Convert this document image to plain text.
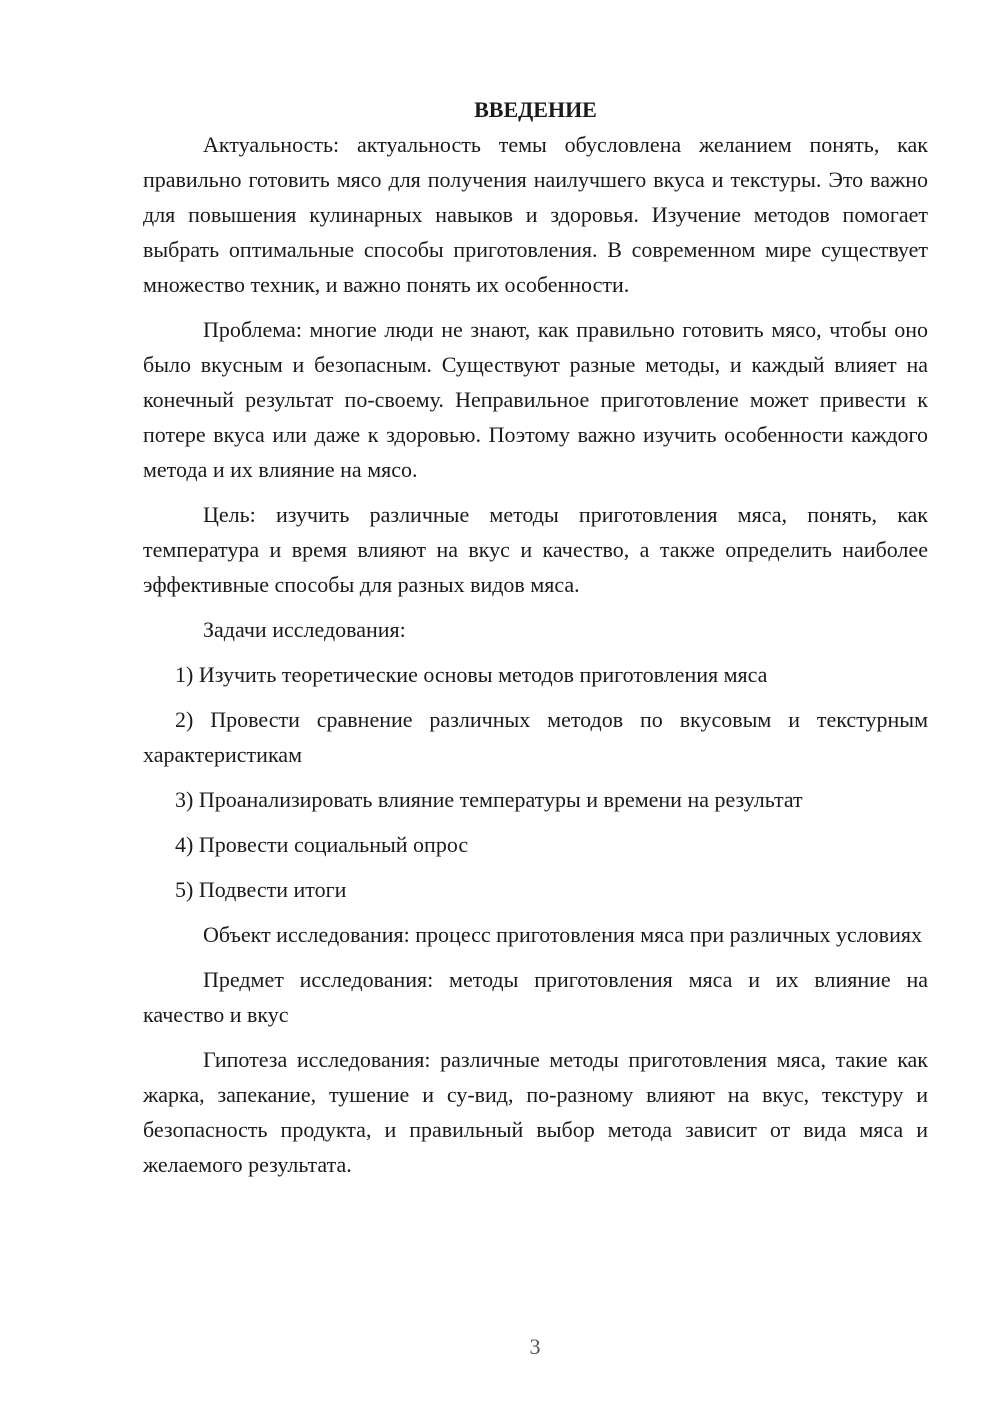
ВВЕДЕНИЕ

Актуальность: актуальность темы обусловлена желанием понять, как правильно готовить мясо для получения наилучшего вкуса и текстуры. Это важно для повышения кулинарных навыков и здоровья. Изучение методов помогает выбрать оптимальные способы приготовления. В современном мире существует множество техник, и важно понять их особенности.

Проблема: многие люди не знают, как правильно готовить мясо, чтобы оно было вкусным и безопасным. Существуют разные методы, и каждый влияет на конечный результат по-своему. Неправильное приготовление может привести к потере вкуса или даже к здоровью. Поэтому важно изучить особенности каждого метода и их влияние на мясо.

Цель: изучить различные методы приготовления мяса, понять, как температура и время влияют на вкус и качество, а также определить наиболее эффективные способы для разных видов мяса.

Задачи исследования:

1) Изучить теоретические основы методов приготовления мяса

2) Провести сравнение различных методов по вкусовым и текстурным характеристикам

3) Проанализировать влияние температуры и времени на результат

4) Провести социальный опрос

5) Подвести итоги

Объект исследования: процесс приготовления мяса при различных условиях

Предмет исследования: методы приготовления мяса и их влияние на качество и вкус

Гипотеза исследования: различные методы приготовления мяса, такие как жарка, запекание, тушение и су-вид, по-разному влияют на вкус, текстуру и безопасность продукта, и правильный выбор метода зависит от вида мяса и желаемого результата.

3
